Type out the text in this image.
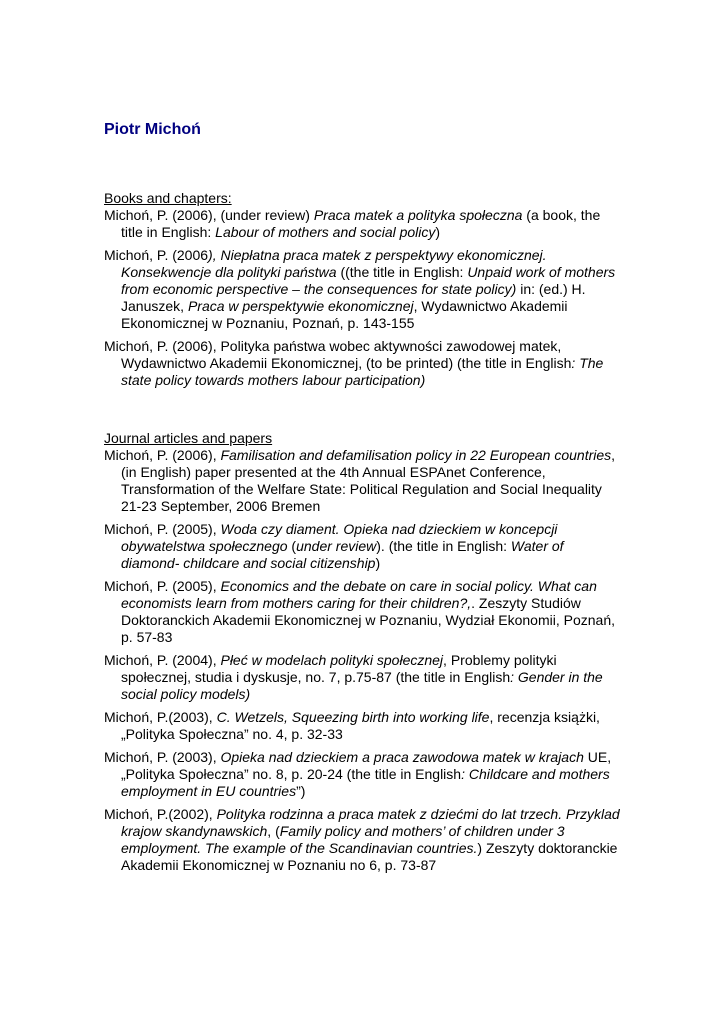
Piotr Michoń

Books and chapters:

Michoń, P. (2006), (under review) Praca matek a polityka społeczna (a book, the title in English: Labour of mothers and social policy)

Michoń, P. (2006), Niepłatna praca matek z perspektywy ekonomicznej. Konsekwencje dla polityki państwa ((the title in English: Unpaid work of mothers from economic perspective – the consequences for state policy) in: (ed.) H. Januszek, Praca w perspektywie ekonomicznej, Wydawnictwo Akademii Ekonomicznej w Poznaniu, Poznań, p. 143-155

Michoń, P. (2006), Polityka państwa wobec aktywności zawodowej matek, Wydawnictwo Akademii Ekonomicznej, (to be printed) (the title in English: The state policy towards mothers labour participation)

Journal articles and papers

Michoń, P. (2006), Familisation and defamilisation policy in 22 European countries, (in English) paper presented at the 4th Annual ESPAnet Conference, Transformation of the Welfare State: Political Regulation and Social Inequality 21-23 September, 2006 Bremen

Michoń, P. (2005), Woda czy diament. Opieka nad dzieckiem w koncepcji obywatelstwa społecznego (under review). (the title in English: Water of diamond- childcare and social citizenship)

Michoń, P. (2005), Economics and the debate on care in social policy. What can economists learn from mothers caring for their children?,. Zeszyty Studiów Doktoranckich Akademii Ekonomicznej w Poznaniu, Wydział Ekonomii, Poznań, p. 57-83

Michoń, P. (2004), Płeć w modelach polityki społecznej, Problemy polityki społecznej, studia i dyskusje, no. 7, p.75-87 (the title in English: Gender in the social policy models)

Michoń, P.(2003), C. Wetzels, Squeezing birth into working life, recenzja książki, „Polityka Społeczna” no. 4, p. 32-33

Michoń, P. (2003), Opieka nad dzieckiem a praca zawodowa matek w krajach UE, „Polityka Społeczna” no. 8, p. 20-24 (the title in English: Childcare and mothers employment in EU countries”)

Michoń, P.(2002), Polityka rodzinna a praca matek z dziećmi do lat trzech. Przyklad krajow skandynawskich, (Family policy and mothers’ of children under 3 employment. The example of the Scandinavian countries.) Zeszyty doktoranckie Akademii Ekonomicznej w Poznaniu no 6, p. 73-87
